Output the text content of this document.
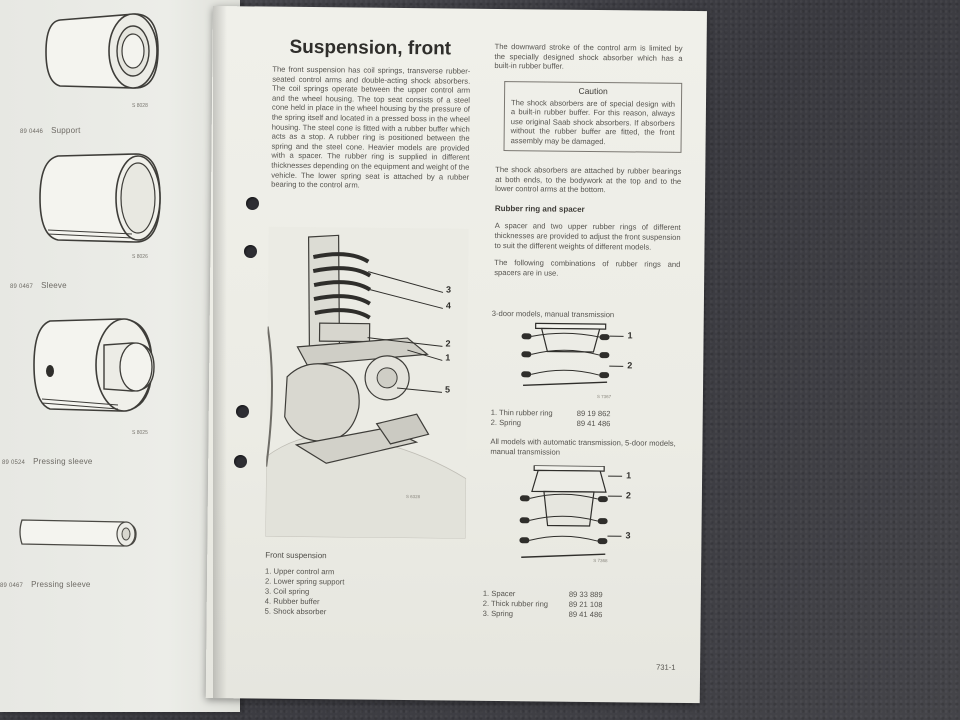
S 8028
89 0446 Support
S 8026
89 0467 Sleeve
S 8025
89 0524 Pressing sleeve
89 0467 Pressing sleeve
Suspension, front

The front suspension has coil springs, transverse rubber-seated control arms and double-acting shock absorbers. The coil springs operate between the upper control arm and the wheel housing. The top seat consists of a steel cone held in place in the wheel housing by the pressure of the spring itself and located in a pressed boss in the wheel housing. The steel cone is fitted with a rubber buffer which acts as a stop. A rubber ring is positioned between the spring and the steel cone. Heavier models are provided with a spacer. The rubber ring is supplied in different thicknesses depending on the equipment and weight of the vehicle. The lower spring seat is attached by a rubber bearing to the control arm.

The downward stroke of the control arm is limited by the specially designed shock absorber which has a built-in rubber buffer.

Caution
The shock absorbers are of special design with a built-in rubber buffer. For this reason, always use original Saab shock absorbers. If absorbers without the rubber buffer are fitted, the front assembly may be damaged.

The shock absorbers are attached by rubber bearings at both ends, to the bodywork at the top and to the lower control arms at the bottom.

Rubber ring and spacer

A spacer and two upper rubber rings of different thicknesses are provided to adjust the front suspension to suit the different weights of different models.

The following combinations of rubber rings and spacers are in use.

3
4
2
1
5
S 6328
Front suspension
1. Upper control arm
2. Lower spring support
3. Coil spring
4. Rubber buffer
5. Shock absorber
3-door models, manual transmission
1
2
S 7367
1. Thin rubber ring	89 19 862
2. Spring	89 41 486
All models with automatic transmission, 5-door models, manual transmission
1
2
3
S 7368
1. Spacer	89 33 889
2. Thick rubber ring	89 21 108
3. Spring	89 41 486
731-1
